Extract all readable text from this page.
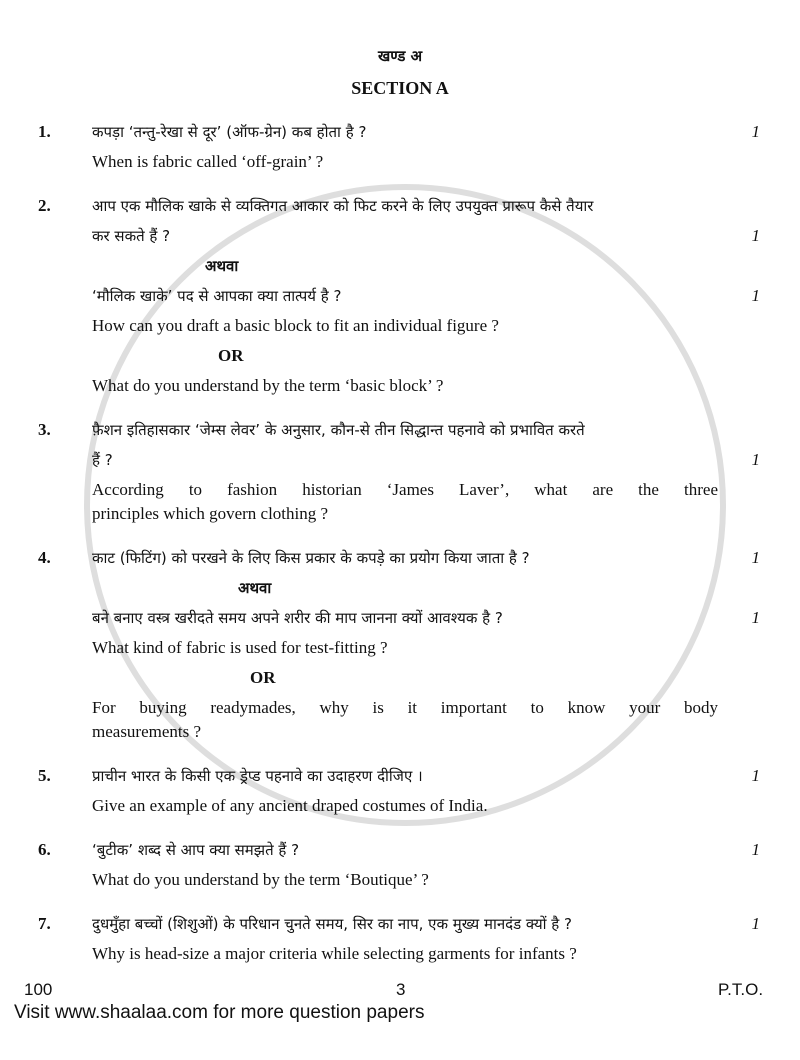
खण्ड अ
SECTION A
1.	कपड़ा ‘तन्तु-रेखा से दूर’ (ऑफ-ग्रेन) कब होता है ?	1
When is fabric called ‘off-grain’ ?
2.	आप एक मौलिक खाके से व्यक्तिगत आकार को फिट करने के लिए उपयुक्त प्रारूप कैसे तैयार
कर सकते हैं ?	1
अथवा
‘मौलिक खाके’ पद से आपका क्या तात्पर्य है ?	1
How can you draft a basic block to fit an individual figure ?
OR
What do you understand by the term ‘basic block’ ?
3.	फ़ैशन इतिहासकार ‘जेम्स लेवर’ के अनुसार, कौन-से तीन सिद्धान्त पहनावे को प्रभावित करते
हैं ?	1
According to fashion historian ‘James Laver’, what are the three
principles which govern clothing ?
4.	काट (फिटिंग) को परखने के लिए किस प्रकार के कपड़े का प्रयोग किया जाता है ?	1
अथवा
बने बनाए वस्त्र खरीदते समय अपने शरीर की माप जानना क्यों आवश्यक है ?	1
What kind of fabric is used for test-fitting ?
OR
For buying readymades, why is it important to know your body
measurements ?
5.	प्राचीन भारत के किसी एक ड्रेप्ड पहनावे का उदाहरण दीजिए ।	1
Give an example of any ancient draped costumes of India.
6.	‘बुटीक’ शब्द से आप क्या समझते हैं ?	1
What do you understand by the term ‘Boutique’ ?
7.	दुधमुँहा बच्चों (शिशुओं) के परिधान चुनते समय, सिर का नाप, एक मुख्य मानदंड क्यों है ?	1
Why is head-size a major criteria while selecting garments for infants ?
100	3	P.T.O.
Visit www.shaalaa.com for more question papers
